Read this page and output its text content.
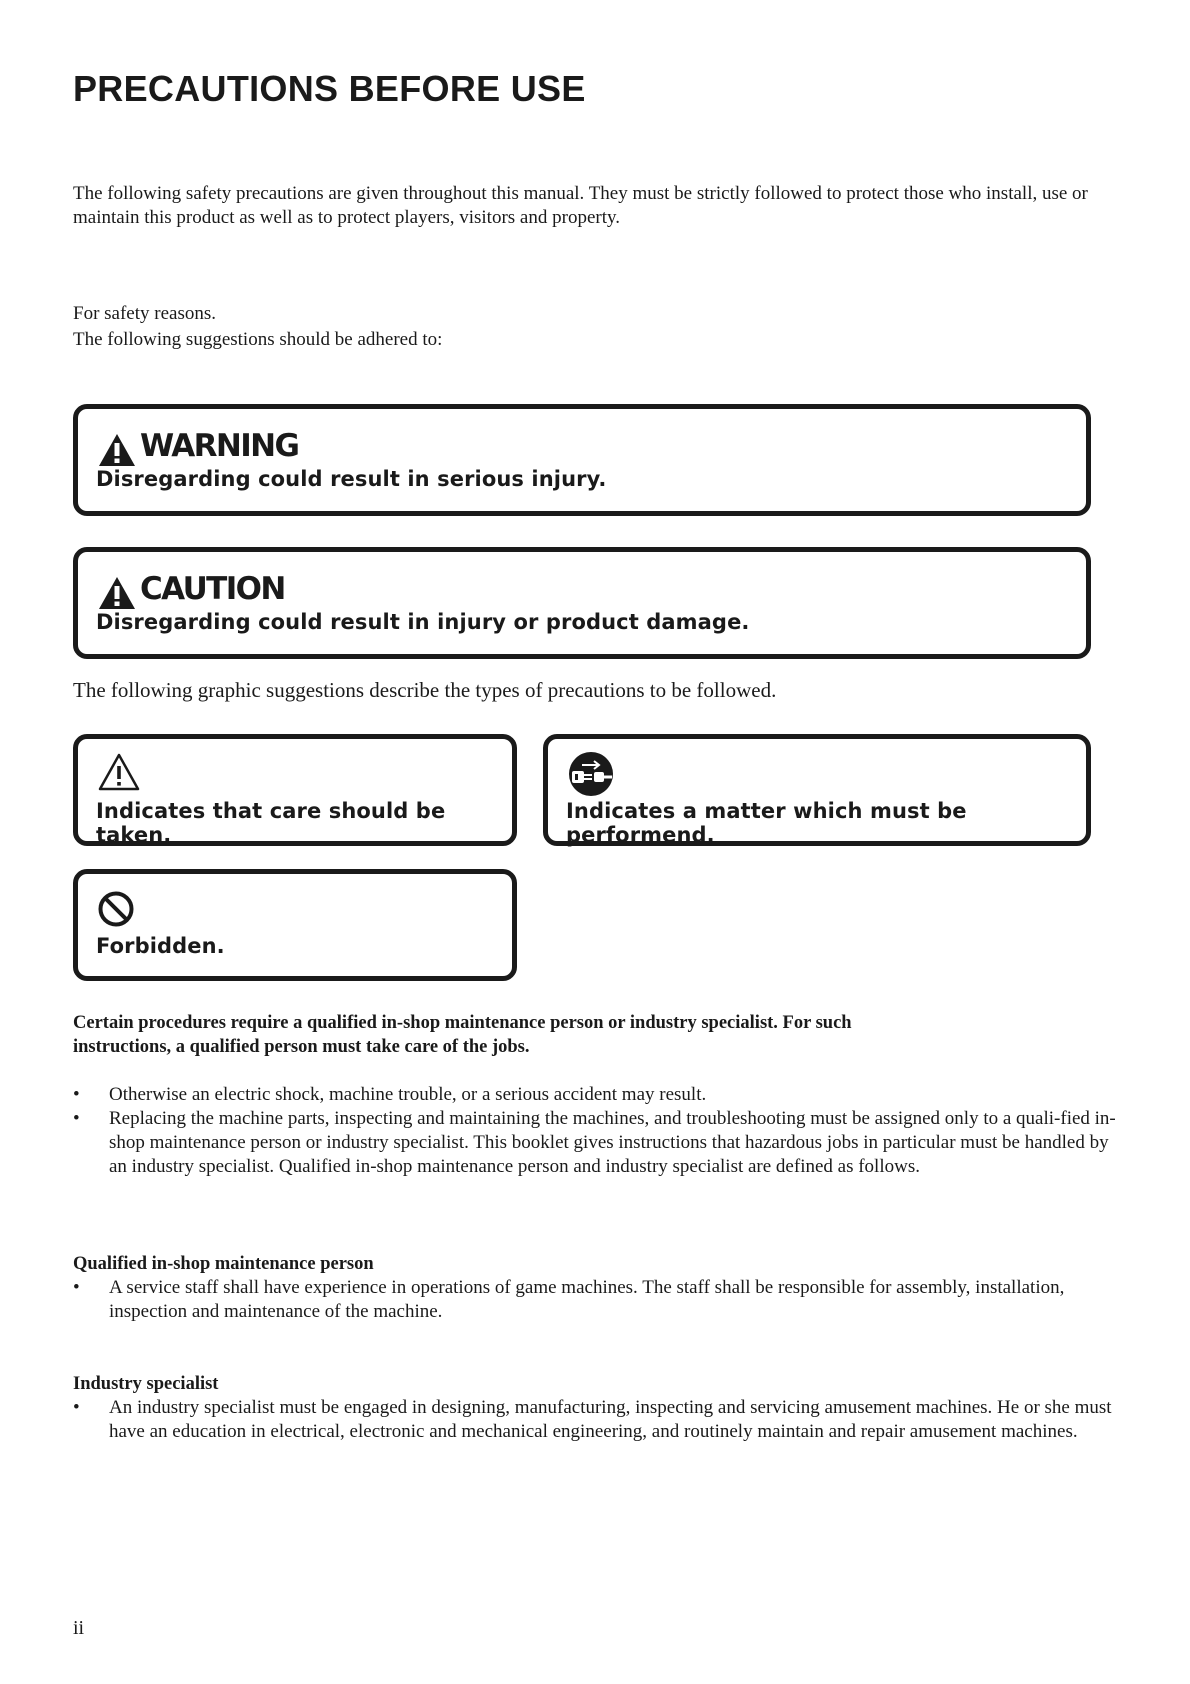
PRECAUTIONS BEFORE USE
The following safety precautions are given throughout this manual. They must be strictly followed to protect those who install, use or maintain this product as well as to protect players, visitors and property.
For safety reasons.
The following suggestions should be adhered to:
WARNING
Disregarding could result in serious injury.
CAUTION
Disregarding could result in injury or product damage.
The following graphic suggestions describe the types of precautions to be followed.
Indicates that care should be taken.
Indicates a matter which must be performend.
Forbidden.
Certain procedures require a qualified in-shop maintenance person or industry specialist. For such
instructions, a qualified person must take care of the jobs.
• Otherwise an electric shock, machine trouble, or a serious accident may result.
• Replacing the machine parts, inspecting and maintaining the machines, and troubleshooting must be assigned only to a quali-fied in-shop maintenance person or industry specialist. This booklet gives instructions that hazardous jobs in particular must be handled by an industry specialist. Qualified in-shop maintenance person and industry specialist are defined as follows.
Qualified in-shop maintenance person
• A service staff shall have experience in operations of game machines. The staff shall be responsible for assembly, installation, inspection and maintenance of the machine.
Industry specialist
• An industry specialist must be engaged in designing, manufacturing, inspecting and servicing amusement machines. He or she must have an education in electrical, electronic and mechanical engineering, and routinely maintain and repair amusement machines.
ii
